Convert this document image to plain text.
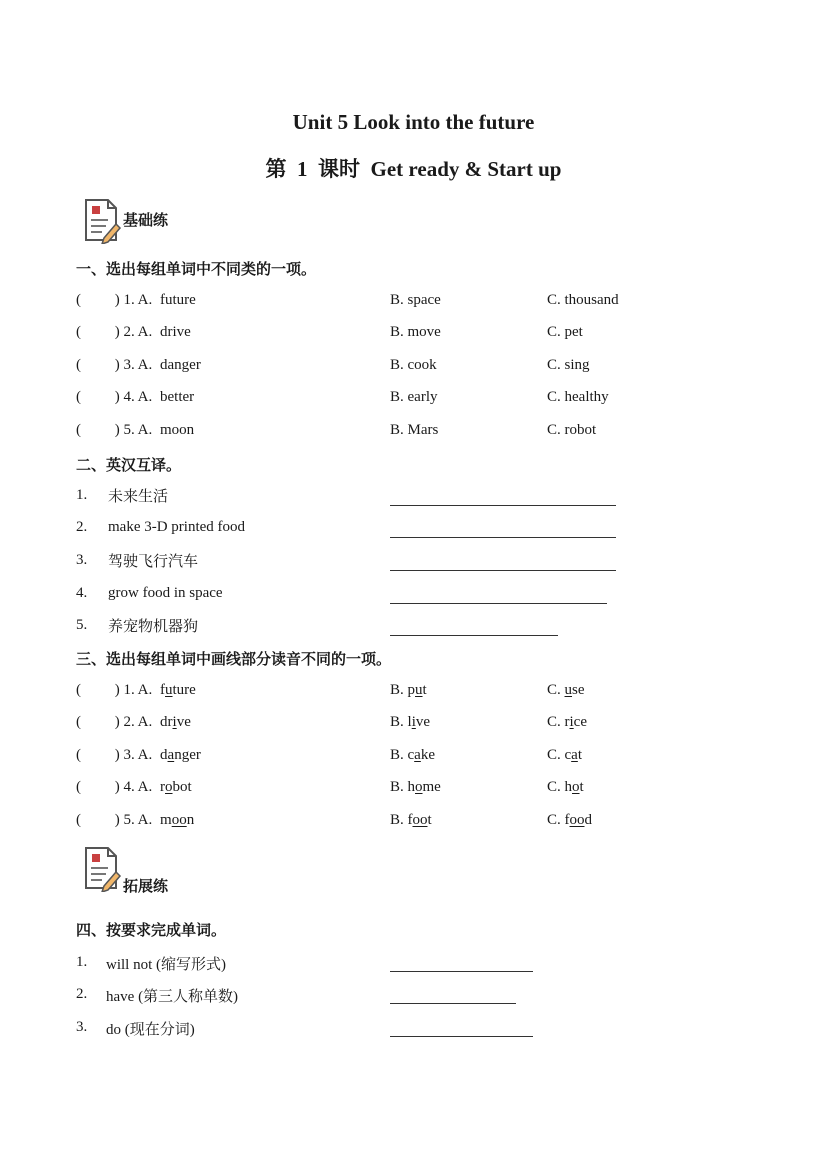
Unit 5 Look into the future
第  1  课时  Get ready & Start up
基础练
一、选出每组单词中不同类的一项。
( ) 1. A. future	B. space	C. thousand
( ) 2. A. drive	B. move	C. pet
( ) 3. A. danger	B. cook	C. sing
( ) 4. A. better	B. early	C. healthy
( ) 5. A. moon	B. Mars	C. robot
二、英汉互译。
1. 未来生活
2. make 3-D printed food
3. 驾驶飞行汽车
4. grow food in space
5. 养宠物机器狗
三、选出每组单词中画线部分读音不同的一项。
( ) 1. A. future	B. put	C. use
( ) 2. A. drive	B. live	C. rice
( ) 3. A. danger	B. cake	C. cat
( ) 4. A. robot	B. home	C. hot
( ) 5. A. moon	B. foot	C. food
拓展练
四、按要求完成单词。
1. will not (缩写形式)
2. have (第三人称单数)
3. do (现在分词)
